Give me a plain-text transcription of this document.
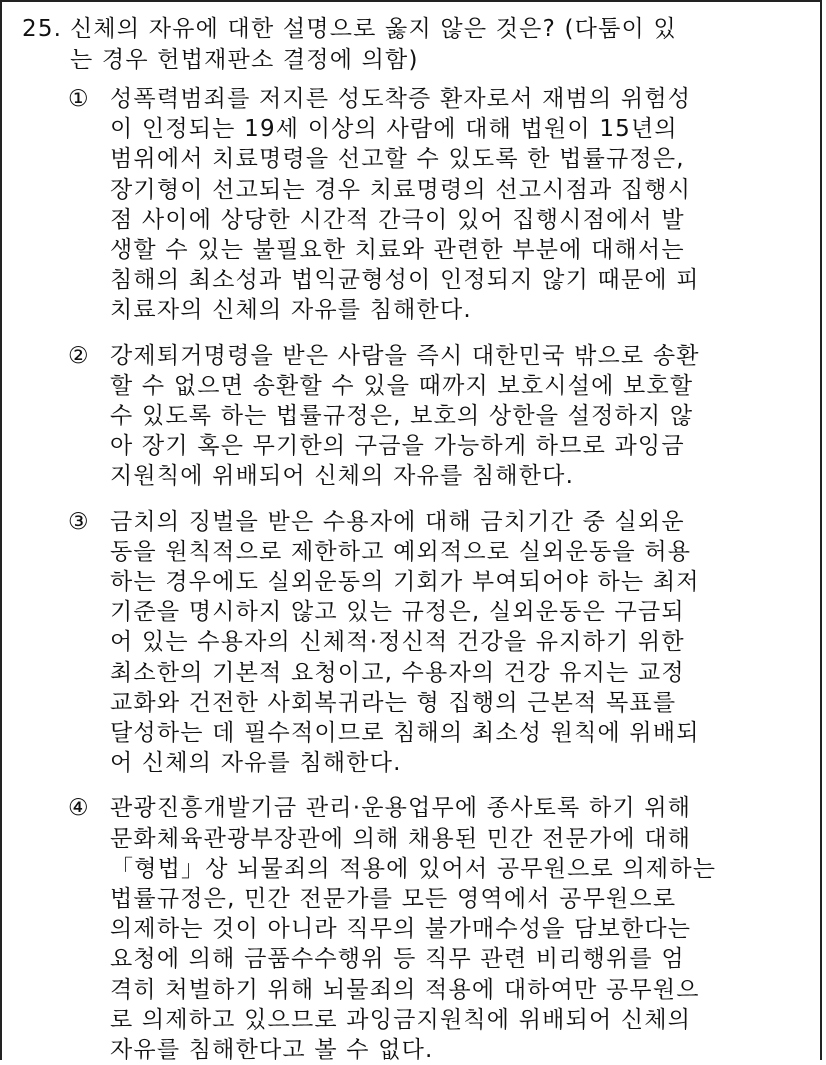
25. 신체의 자유에 대한 설명으로 옳지 않은 것은? (다툼이 있
는 경우 헌법재판소 결정에 의함)
① 성폭력범죄를 저지른 성도착증 환자로서 재범의 위험성
이 인정되는 19세 이상의 사람에 대해 법원이 15년의
범위에서 치료명령을 선고할 수 있도록 한 법률규정은,
장기형이 선고되는 경우 치료명령의 선고시점과 집행시
점 사이에 상당한 시간적 간극이 있어 집행시점에서 발
생할 수 있는 불필요한 치료와 관련한 부분에 대해서는
침해의 최소성과 법익균형성이 인정되지 않기 때문에 피
치료자의 신체의 자유를 침해한다.
② 강제퇴거명령을 받은 사람을 즉시 대한민국 밖으로 송환
할 수 없으면 송환할 수 있을 때까지 보호시설에 보호할
수 있도록 하는 법률규정은, 보호의 상한을 설정하지 않
아 장기 혹은 무기한의 구금을 가능하게 하므로 과잉금
지원칙에 위배되어 신체의 자유를 침해한다.
③ 금치의 징벌을 받은 수용자에 대해 금치기간 중 실외운
동을 원칙적으로 제한하고 예외적으로 실외운동을 허용
하는 경우에도 실외운동의 기회가 부여되어야 하는 최저
기준을 명시하지 않고 있는 규정은, 실외운동은 구금되
어 있는 수용자의 신체적·정신적 건강을 유지하기 위한
최소한의 기본적 요청이고, 수용자의 건강 유지는 교정
교화와 건전한 사회복귀라는 형 집행의 근본적 목표를
달성하는 데 필수적이므로 침해의 최소성 원칙에 위배되
어 신체의 자유를 침해한다.
④ 관광진흥개발기금 관리·운용업무에 종사토록 하기 위해
문화체육관광부장관에 의해 채용된 민간 전문가에 대해
「형법」상 뇌물죄의 적용에 있어서 공무원으로 의제하는
법률규정은, 민간 전문가를 모든 영역에서 공무원으로
의제하는 것이 아니라 직무의 불가매수성을 담보한다는
요청에 의해 금품수수행위 등 직무 관련 비리행위를 엄
격히 처벌하기 위해 뇌물죄의 적용에 대하여만 공무원으
로 의제하고 있으므로 과잉금지원칙에 위배되어 신체의
자유를 침해한다고 볼 수 없다.
